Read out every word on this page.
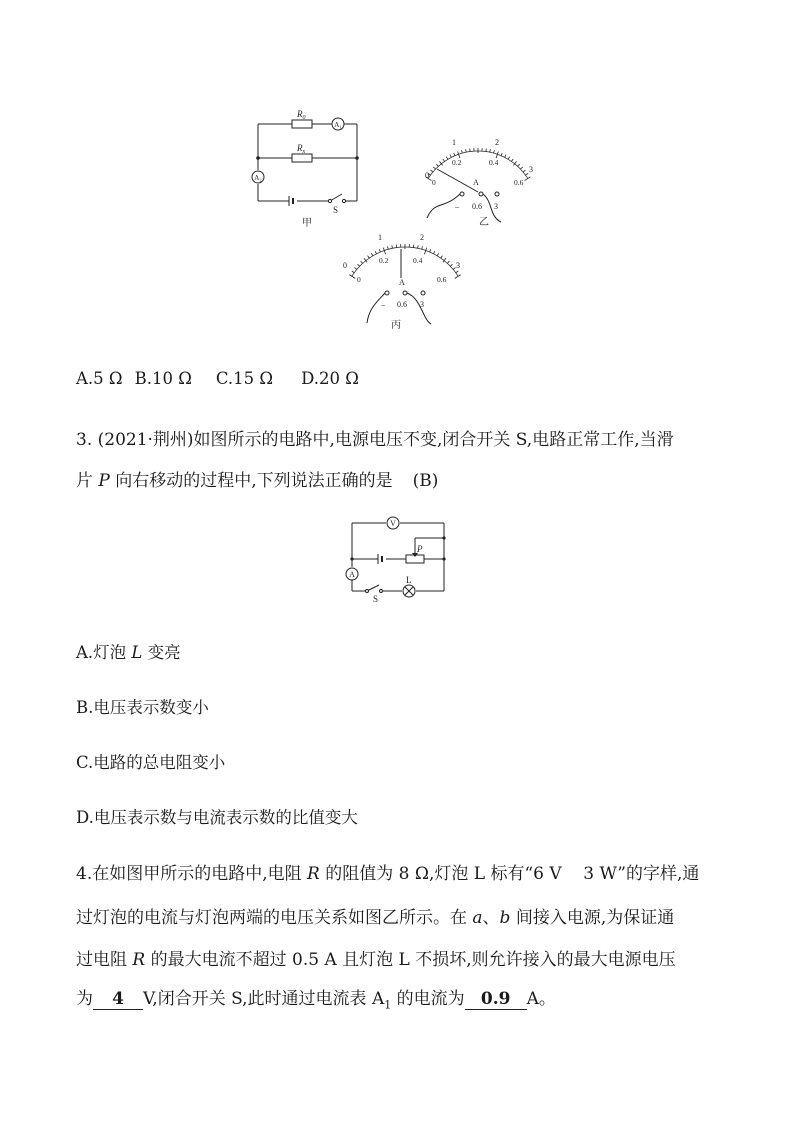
A₁
A₂
$R_0$
$R_x$
S
甲
0
1	2
3
0
0.2	0.4
0.6
A
– 0.6 3
乙
0
1	2
3
0
0.2	0.4
0.6
A
– 0.6 3
丙
A.5 Ω B.10 Ω C.15 Ω D.20 Ω
3. (2021·荆州)如图所示的电路中,电源电压不变,闭合开关 S,电路正常工作,当滑
片 P 向右移动的过程中,下列说法正确的是 (B)
V
A
P
L
S
A.灯泡 L 变亮
B.电压表示数变小
C.电路的总电阻变小
D.电压表示数与电流表示数的比值变大
4.在如图甲所示的电路中,电阻 R 的阻值为 8 Ω,灯泡 L 标有“6 V    3 W”的字样,通
过灯泡的电流与灯泡两端的电压关系如图乙所示。在 a、b 间接入电源,为保证通
过电阻 R 的最大电流不超过 0.5 A 且灯泡 L 不损坏,则允许接入的最大电源电压
为 4 V,闭合开关 S,此时通过电流表 $A_1$ 的电流为 0.9 A。
